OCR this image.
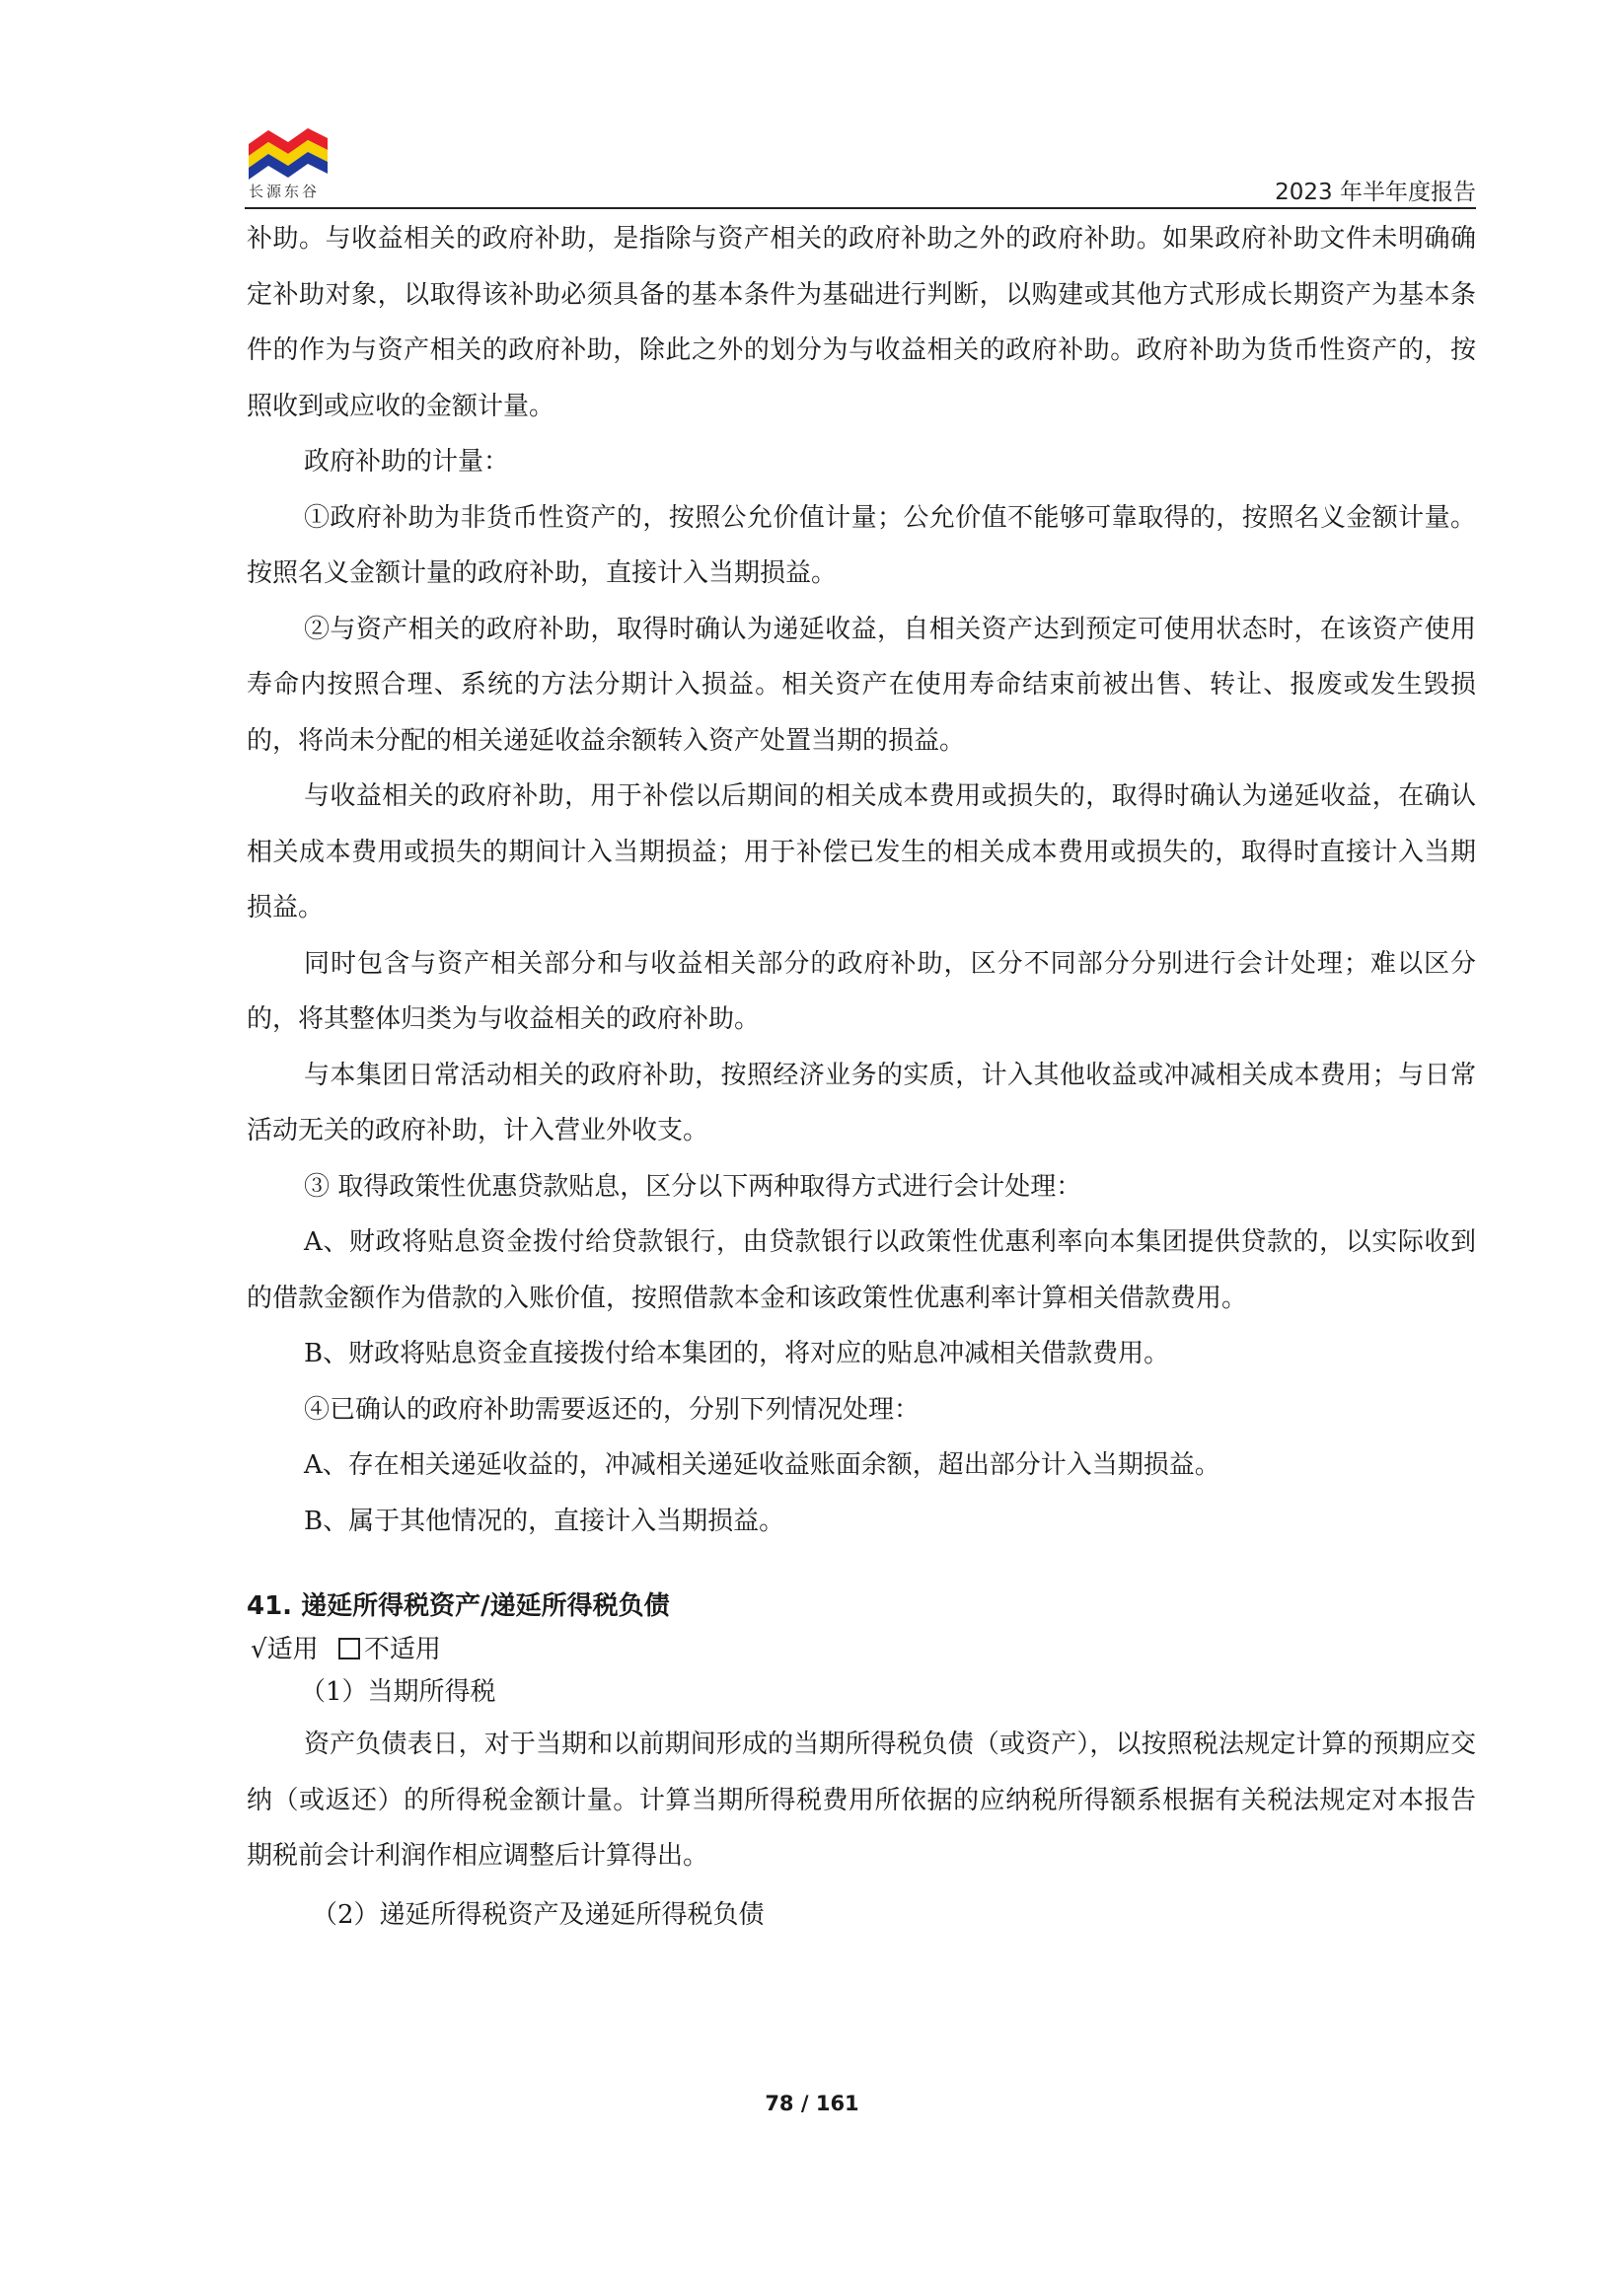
长源东谷	2023 年半年度报告

补助。与收益相关的政府补助，是指除与资产相关的政府补助之外的政府补助。如果政府补助文件未明确确定补助对象，以取得该补助必须具备的基本条件为基础进行判断，以购建或其他方式形成长期资产为基本条件的作为与资产相关的政府补助，除此之外的划分为与收益相关的政府补助。政府补助为货币性资产的，按照收到或应收的金额计量。

政府补助的计量：

①政府补助为非货币性资产的，按照公允价值计量；公允价值不能够可靠取得的，按照名义金额计量。按照名义金额计量的政府补助，直接计入当期损益。

②与资产相关的政府补助，取得时确认为递延收益，自相关资产达到预定可使用状态时，在该资产使用寿命内按照合理、系统的方法分期计入损益。相关资产在使用寿命结束前被出售、转让、报废或发生毁损的，将尚未分配的相关递延收益余额转入资产处置当期的损益。

与收益相关的政府补助，用于补偿以后期间的相关成本费用或损失的，取得时确认为递延收益，在确认相关成本费用或损失的期间计入当期损益；用于补偿已发生的相关成本费用或损失的，取得时直接计入当期损益。

同时包含与资产相关部分和与收益相关部分的政府补助，区分不同部分分别进行会计处理；难以区分的，将其整体归类为与收益相关的政府补助。

与本集团日常活动相关的政府补助，按照经济业务的实质，计入其他收益或冲减相关成本费用；与日常活动无关的政府补助，计入营业外收支。

③ 取得政策性优惠贷款贴息，区分以下两种取得方式进行会计处理：

A、财政将贴息资金拨付给贷款银行，由贷款银行以政策性优惠利率向本集团提供贷款的，以实际收到的借款金额作为借款的入账价值，按照借款本金和该政策性优惠利率计算相关借款费用。

B、财政将贴息资金直接拨付给本集团的，将对应的贴息冲减相关借款费用。

④已确认的政府补助需要返还的，分别下列情况处理：

A、存在相关递延收益的，冲减相关递延收益账面余额，超出部分计入当期损益。

B、属于其他情况的，直接计入当期损益。

41. 递延所得税资产/递延所得税负债
√适用 不适用
（1）当期所得税

资产负债表日，对于当期和以前期间形成的当期所得税负债（或资产），以按照税法规定计算的预期应交纳（或返还）的所得税金额计量。计算当期所得税费用所依据的应纳税所得额系根据有关税法规定对本报告期税前会计利润作相应调整后计算得出。

（2）递延所得税资产及递延所得税负债
78 / 161
